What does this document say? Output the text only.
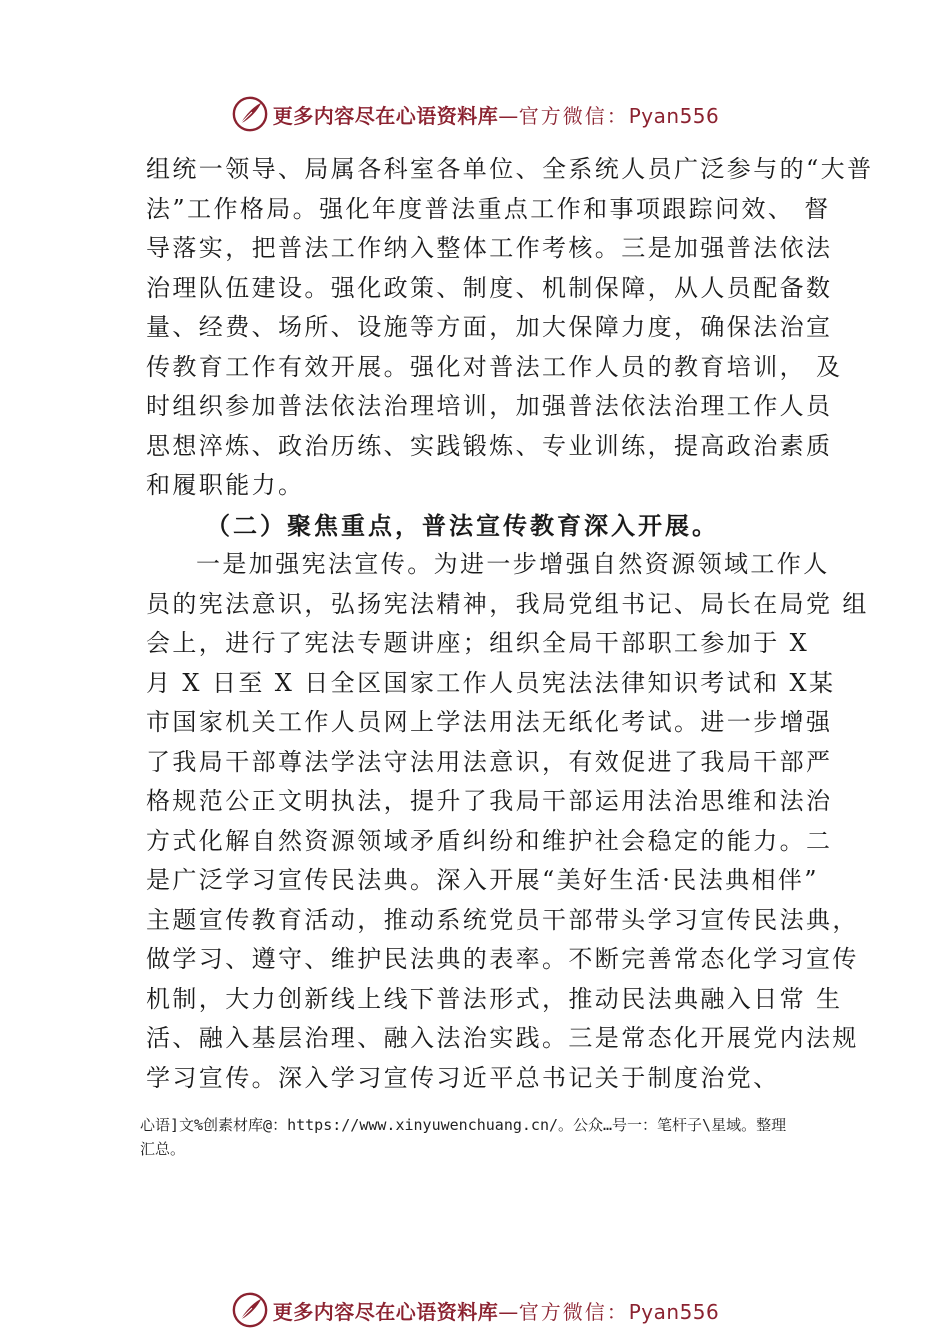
更多内容尽在心语资料库—官方微信：Pyan556
组统一领导、局属各科室各单位、全系统人员广泛参与的“大普
法”工作格局。强化年度普法重点工作和事项跟踪问效、 督
导落实，把普法工作纳入整体工作考核。三是加强普法依法
治理队伍建设。强化政策、制度、机制保障，从人员配备数
量、经费、场所、设施等方面，加大保障力度，确保法治宣
传教育工作有效开展。强化对普法工作人员的教育培训， 及
时组织参加普法依法治理培训，加强普法依法治理工作人员
思想淬炼、政治历练、实践锻炼、专业训练，提高政治素质
和履职能力。
（二）聚焦重点，普法宣传教育深入开展。
一是加强宪法宣传。为进一步增强自然资源领域工作人
员的宪法意识，弘扬宪法精神，我局党组书记、局长在局党 组
会上，进行了宪法专题讲座；组织全局干部职工参加于 X
月 X 日至 X 日全区国家工作人员宪法法律知识考试和 X某
市国家机关工作人员网上学法用法无纸化考试。进一步增强
了我局干部尊法学法守法用法意识，有效促进了我局干部严
格规范公正文明执法，提升了我局干部运用法治思维和法治
方式化解自然资源领域矛盾纠纷和维护社会稳定的能力。二
是广泛学习宣传民法典。深入开展“美好生活·民法典相伴”
主题宣传教育活动，推动系统党员干部带头学习宣传民法典，
做学习、遵守、维护民法典的表率。不断完善常态化学习宣传
机制，大力创新线上线下普法形式，推动民法典融入日常 生
活、融入基层治理、融入法治实践。三是常态化开展党内法规
学习宣传。深入学习宣传习近平总书记关于制度治党、
心语]文%创素材库@：https://www.xinyuwenchuang.cn/。公众…号一：笔杆子\星域。整理
汇总。
更多内容尽在心语资料库—官方微信：Pyan556
